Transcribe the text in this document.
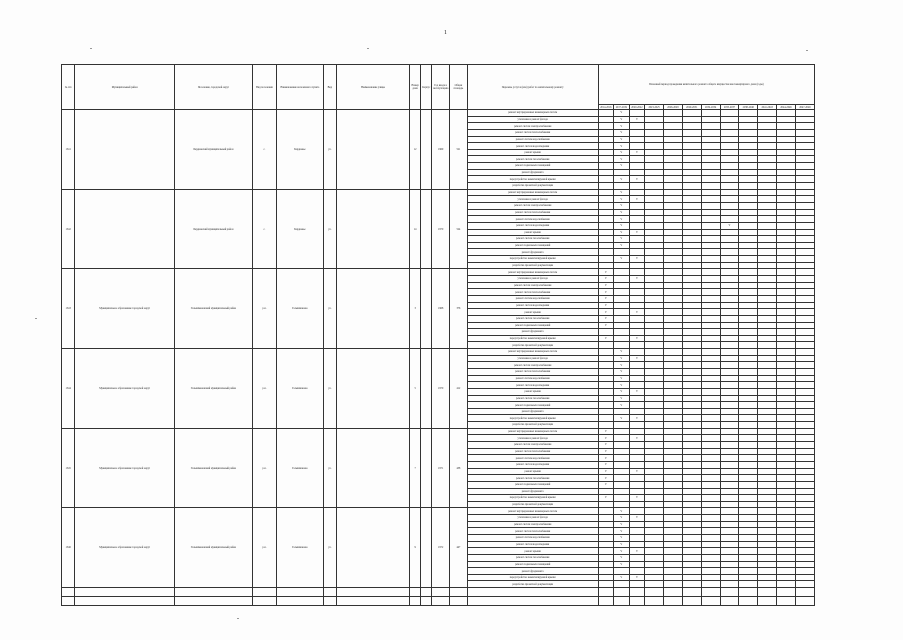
1
№ п/п	Муниципальный район	Поселение, городской округ	Вид поселения	Наименование населенного пункта	Вид	Наименование улицы	Номер дома	Корпус	Год ввода в эксплуатацию	Общая площадь	Перечень услуг и (или) работ по капитальному ремонту	Плановый период проведения капитального ремонта общего имущества многоквартирного дома (годы)											
												2014-2016	2017-2019	2020-2022	2023-2025	2026-2028	2029-2031	2032-2034	2035-2037	2038-2040	2041-2043	2044-2046	2047-2049
1541		Бердюжский муниципальный район	с.	Бердюжье	ул.		12		1969	521	ремонт внутридомовых инженерных систем		V										
											утепление и ремонт фасада		V	V									
											ремонт систем электроснабжения		V										
											ремонт систем теплоснабжения		V										
											ремонт систем водоснабжения		V										
											ремонт систем водоотведения		V										
											ремонт крыши		V	V									
											ремонт систем газоснабжения		V										
											ремонт подвальных помещений		V										
											ремонт фундамента												
											переустройство невентилируемой крыши		V	V									
											разработка проектной документации												
1542		Бердюжский муниципальный район	с.	Бердюжье	ул.		14		1970	524	ремонт внутридомовых инженерных систем		V										
											утепление и ремонт фасада		V	V									
											ремонт систем электроснабжения		V										
											ремонт систем теплоснабжения		V										
											ремонт систем водоснабжения		V										
											ремонт систем водоотведения		V						V				
											ремонт крыши		V	V									
											ремонт систем газоснабжения		V										
											ремонт подвальных помещений		V										
											ремонт фундамента												
											переустройство невентилируемой крыши		V	V									
											разработка проектной документации												
1543	Муниципальное образование городской округ	Голышмановский муниципальный район	р.п.	Голышманово	ул.		3		1968	376	ремонт внутридомовых инженерных систем	V											
											утепление и ремонт фасада	V		V									
											ремонт систем электроснабжения	V											
											ремонт систем теплоснабжения	V											
											ремонт систем водоснабжения	V											
											ремонт систем водоотведения	V											
											ремонт крыши	V		V									
											ремонт систем газоснабжения	V											
											ремонт подвальных помещений	V											
											ремонт фундамента												
											переустройство невентилируемой крыши	V		V									
											разработка проектной документации												
1544	Муниципальное образование городской округ	Голышмановский муниципальный район	р.п.	Голышманово	ул.		5		1970	412	ремонт внутридомовых инженерных систем		V										
											утепление и ремонт фасада		V	V									
											ремонт систем электроснабжения		V										
											ремонт систем теплоснабжения		V										
											ремонт систем водоснабжения		V										
											ремонт систем водоотведения		V										
											ремонт крыши		V	V									
											ремонт систем газоснабжения		V										
											ремонт подвальных помещений		V										
											ремонт фундамента												
											переустройство невентилируемой крыши		V	V									
											разработка проектной документации												
1545	Муниципальное образование городской округ	Голышмановский муниципальный район	р.п.	Голышманово	ул.		7		1971	438	ремонт внутридомовых инженерных систем	V											
											утепление и ремонт фасада	V		V									
											ремонт систем электроснабжения	V											
											ремонт систем теплоснабжения	V											
											ремонт систем водоснабжения	V											
											ремонт систем водоотведения	V											
											ремонт крыши	V		V									
											ремонт систем газоснабжения	V											
											ремонт подвальных помещений	V											
											ремонт фундамента												
											переустройство невентилируемой крыши	V		V									
											разработка проектной документации												
1546	Муниципальное образование городской округ	Голышмановский муниципальный район	р.п.	Голышманово	ул.		9		1972	447	ремонт внутридомовых инженерных систем		V										
											утепление и ремонт фасада		V	V									
											ремонт систем электроснабжения		V										
											ремонт систем теплоснабжения		V										
											ремонт систем водоснабжения		V										
											ремонт систем водоотведения		V										
											ремонт крыши		V	V									
											ремонт систем газоснабжения		V										
											ремонт подвальных помещений		V										
											ремонт фундамента												
											переустройство невентилируемой крыши		V	V									
											разработка проектной документации												
